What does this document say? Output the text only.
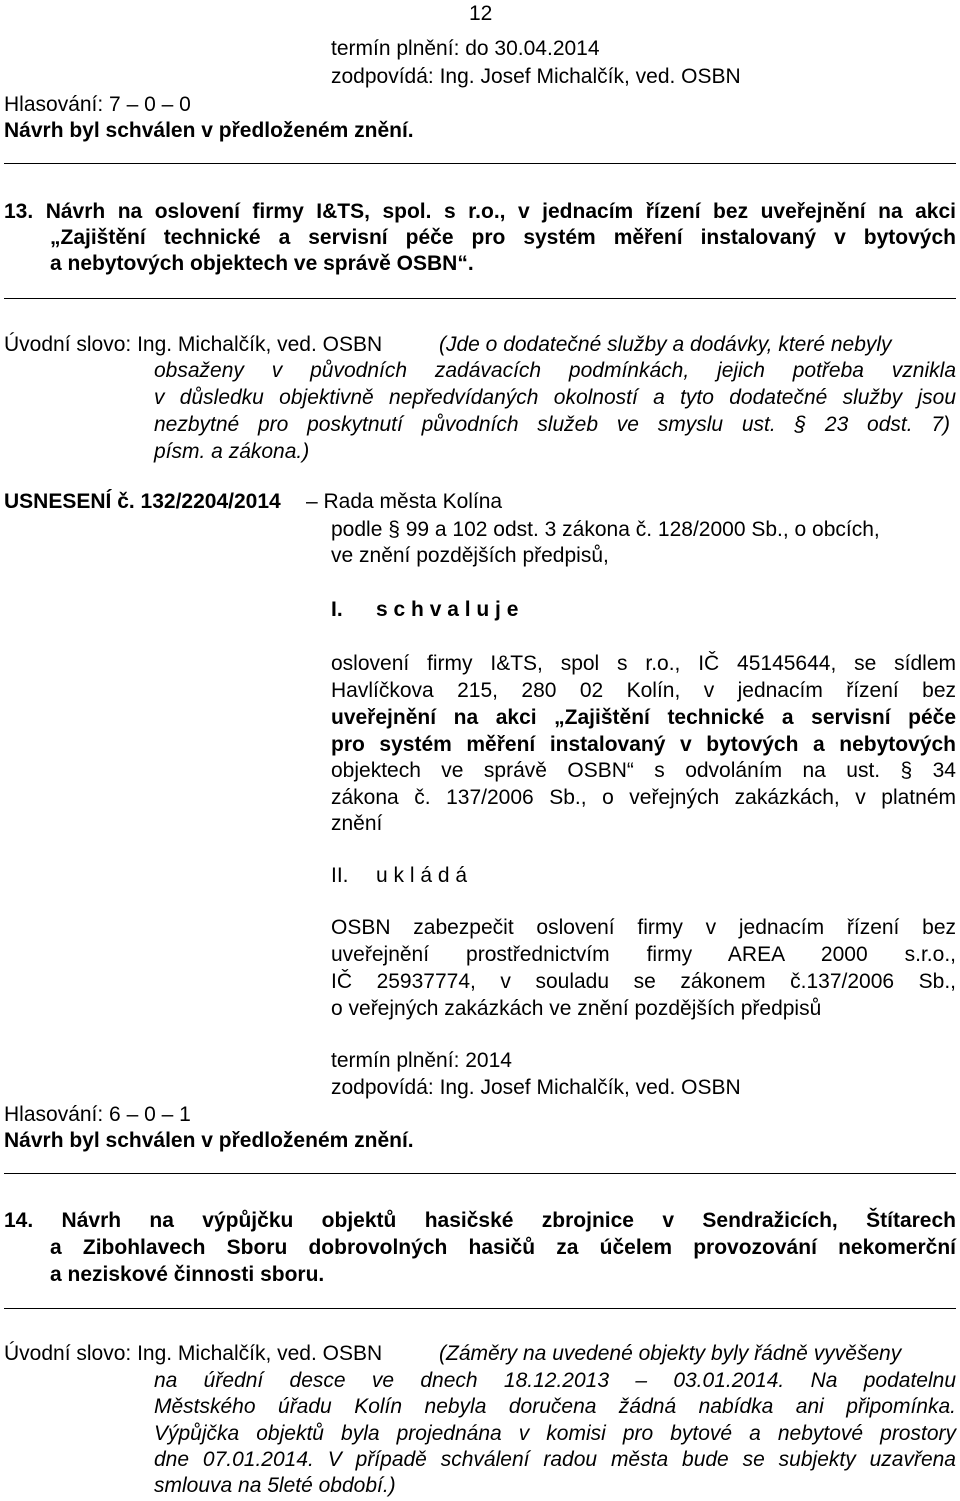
12
termín plnění: do 30.04.2014
zodpovídá: Ing. Josef Michalčík, ved. OSBN
Hlasování: 7 – 0 – 0
Návrh byl schválen v předloženém znění.
13. Návrh na oslovení firmy I&TS, spol. s r.o., v jednacím řízení bez uveřejnění na akci
„Zajištění technické a servisní péče pro systém měření instalovaný v bytových
a nebytových objektech ve správě OSBN“.
Úvodní slovo: Ing. Michalčík, ved. OSBN	(Jde o dodatečné služby a dodávky, které nebyly
obsaženy v původních zadávacích podmínkách, jejich potřeba vznikla
v důsledku objektivně nepředvídaných okolností a tyto dodatečné služby jsou
nezbytné pro poskytnutí původních služeb ve smyslu ust. § 23 odst. 7)
písm. a zákona.)
USNESENÍ č. 132/2204/2014 – Rada města Kolína
podle § 99 a 102 odst. 3 zákona č. 128/2000 Sb., o obcích,
ve znění pozdějších předpisů,
I. s c h v a l u j e
oslovení firmy I&TS, spol s r.o., IČ 45145644, se sídlem
Havlíčkova 215, 280 02 Kolín, v jednacím řízení bez
uveřejnění na akci „Zajištění technické a servisní péče
pro systém měření instalovaný v bytových a nebytových
objektech ve správě OSBN“ s odvoláním na ust. § 34
zákona č. 137/2006 Sb., o veřejných zakázkách, v platném
znění
II. u k l á d á
OSBN zabezpečit oslovení firmy v jednacím řízení bez
uveřejnění prostřednictvím firmy AREA 2000 s.r.o.,
IČ 25937774, v souladu se zákonem č.137/2006 Sb.,
o veřejných zakázkách ve znění pozdějších předpisů
termín plnění: 2014
zodpovídá: Ing. Josef Michalčík, ved. OSBN
Hlasování: 6 – 0 – 1
Návrh byl schválen v předloženém znění.
14. Návrh na výpůjčku objektů hasičské zbrojnice v Sendražicích, Štítarech
a Zibohlavech Sboru dobrovolných hasičů za účelem provozování nekomerční
a neziskové činnosti sboru.
Úvodní slovo: Ing. Michalčík, ved. OSBN	(Záměry na uvedené objekty byly řádně vyvěšeny
na úřední desce ve dnech 18.12.2013 – 03.01.2014. Na podatelnu
Městského úřadu Kolín nebyla doručena žádná nabídka ani připomínka.
Výpůjčka objektů byla projednána v komisi pro bytové a nebytové prostory
dne 07.01.2014. V případě schválení radou města bude se subjekty uzavřena
smlouva na 5leté období.)
